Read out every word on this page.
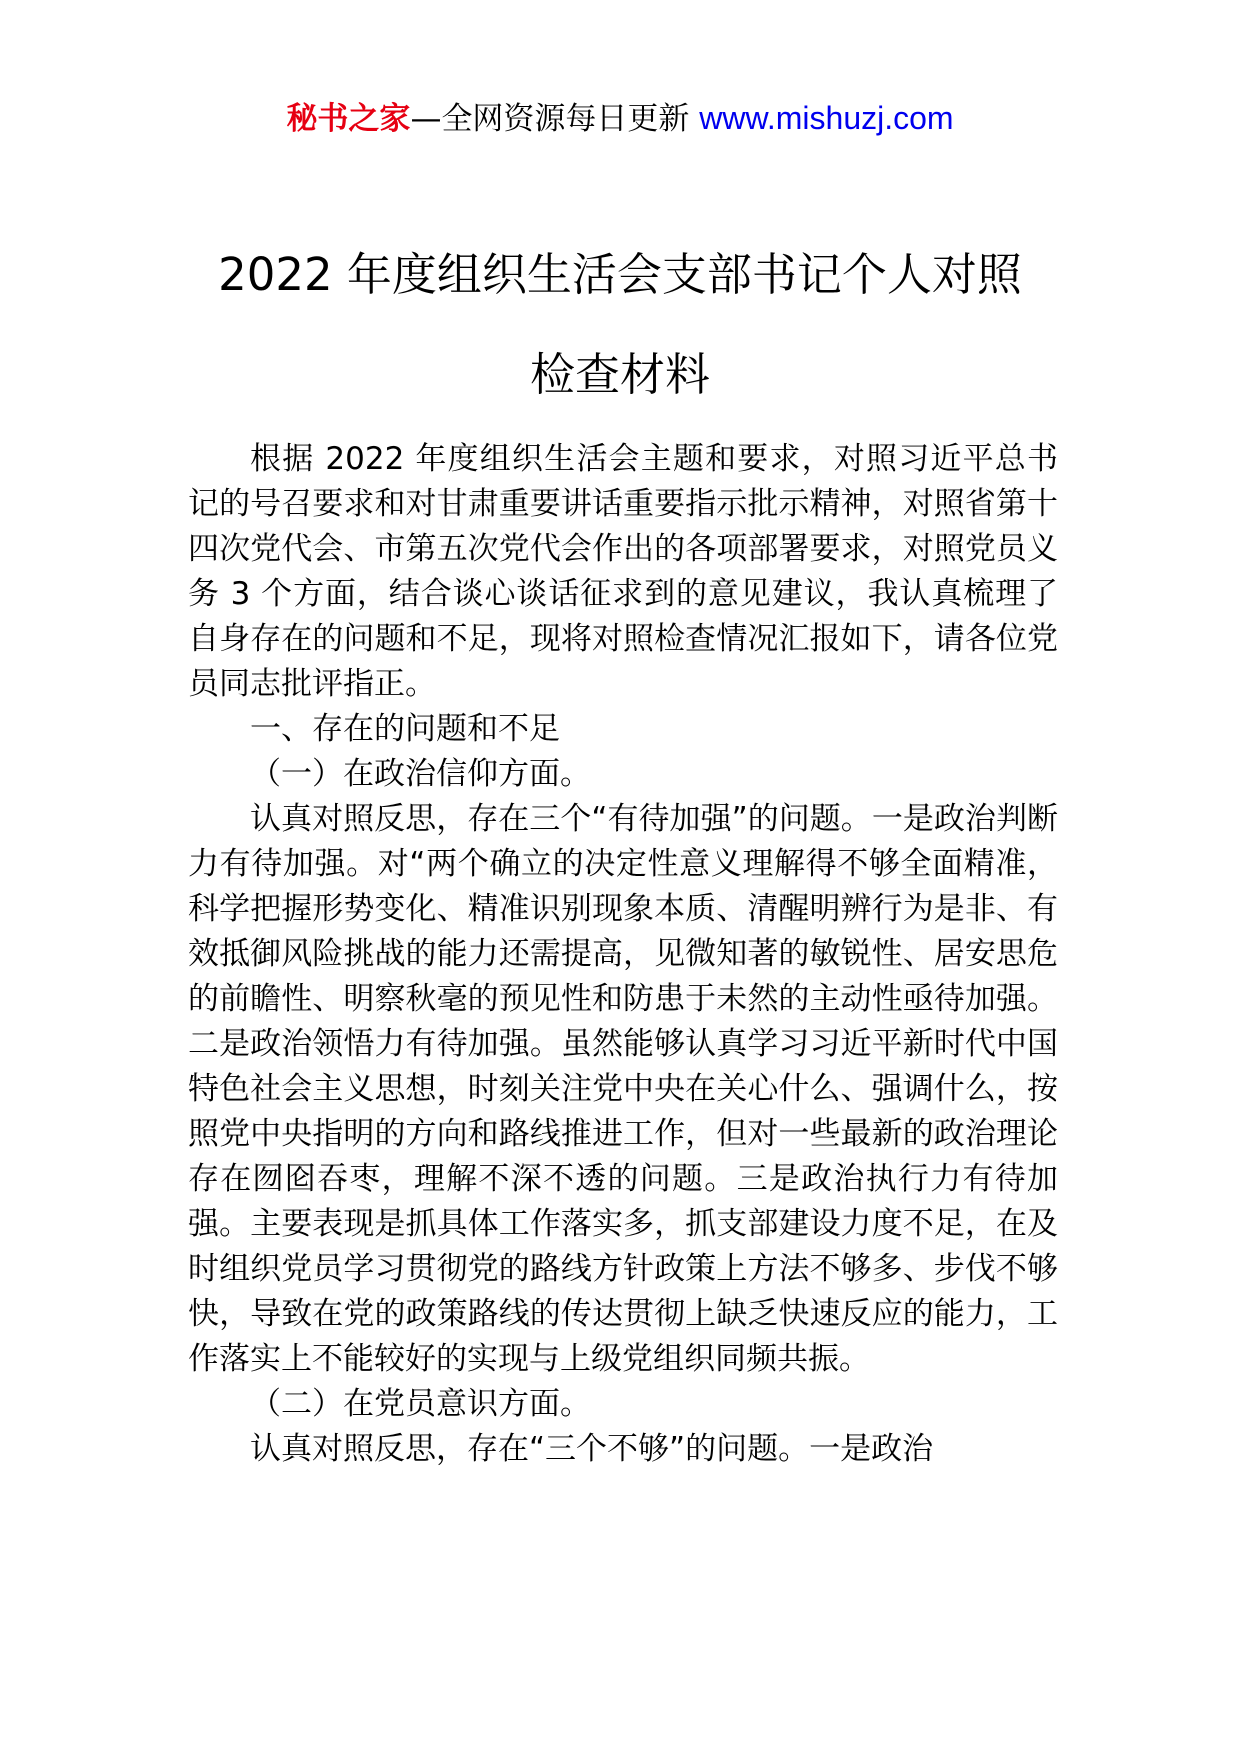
秘书之家—全网资源每日更新 www.mishuzj.com
2022 年度组织生活会支部书记个人对照
检查材料

根据 2022 年度组织生活会主题和要求，对照习近平总书记的号召要求和对甘肃重要讲话重要指示批示精神，对照省第十四次党代会、市第五次党代会作出的各项部署要求，对照党员义务 3 个方面，结合谈心谈话征求到的意见建议，我认真梳理了自身存在的问题和不足，现将对照检查情况汇报如下，请各位党员同志批评指正。

一、存在的问题和不足

（一）在政治信仰方面。

认真对照反思，存在三个“有待加强”的问题。一是政治判断力有待加强。对“两个确立的决定性意义理解得不够全面精准，科学把握形势变化、精准识别现象本质、清醒明辨行为是非、有效抵御风险挑战的能力还需提高，见微知著的敏锐性、居安思危的前瞻性、明察秋毫的预见性和防患于未然的主动性亟待加强。二是政治领悟力有待加强。虽然能够认真学习习近平新时代中国特色社会主义思想，时刻关注党中央在关心什么、强调什么，按照党中央指明的方向和路线推进工作，但对一些最新的政治理论存在囫囵吞枣，理解不深不透的问题。三是政治执行力有待加强。主要表现是抓具体工作落实多，抓支部建设力度不足，在及时组织党员学习贯彻党的路线方针政策上方法不够多、步伐不够快，导致在党的政策路线的传达贯彻上缺乏快速反应的能力，工作落实上不能较好的实现与上级党组织同频共振。

（二）在党员意识方面。

认真对照反思，存在“三个不够”的问题。一是政治
